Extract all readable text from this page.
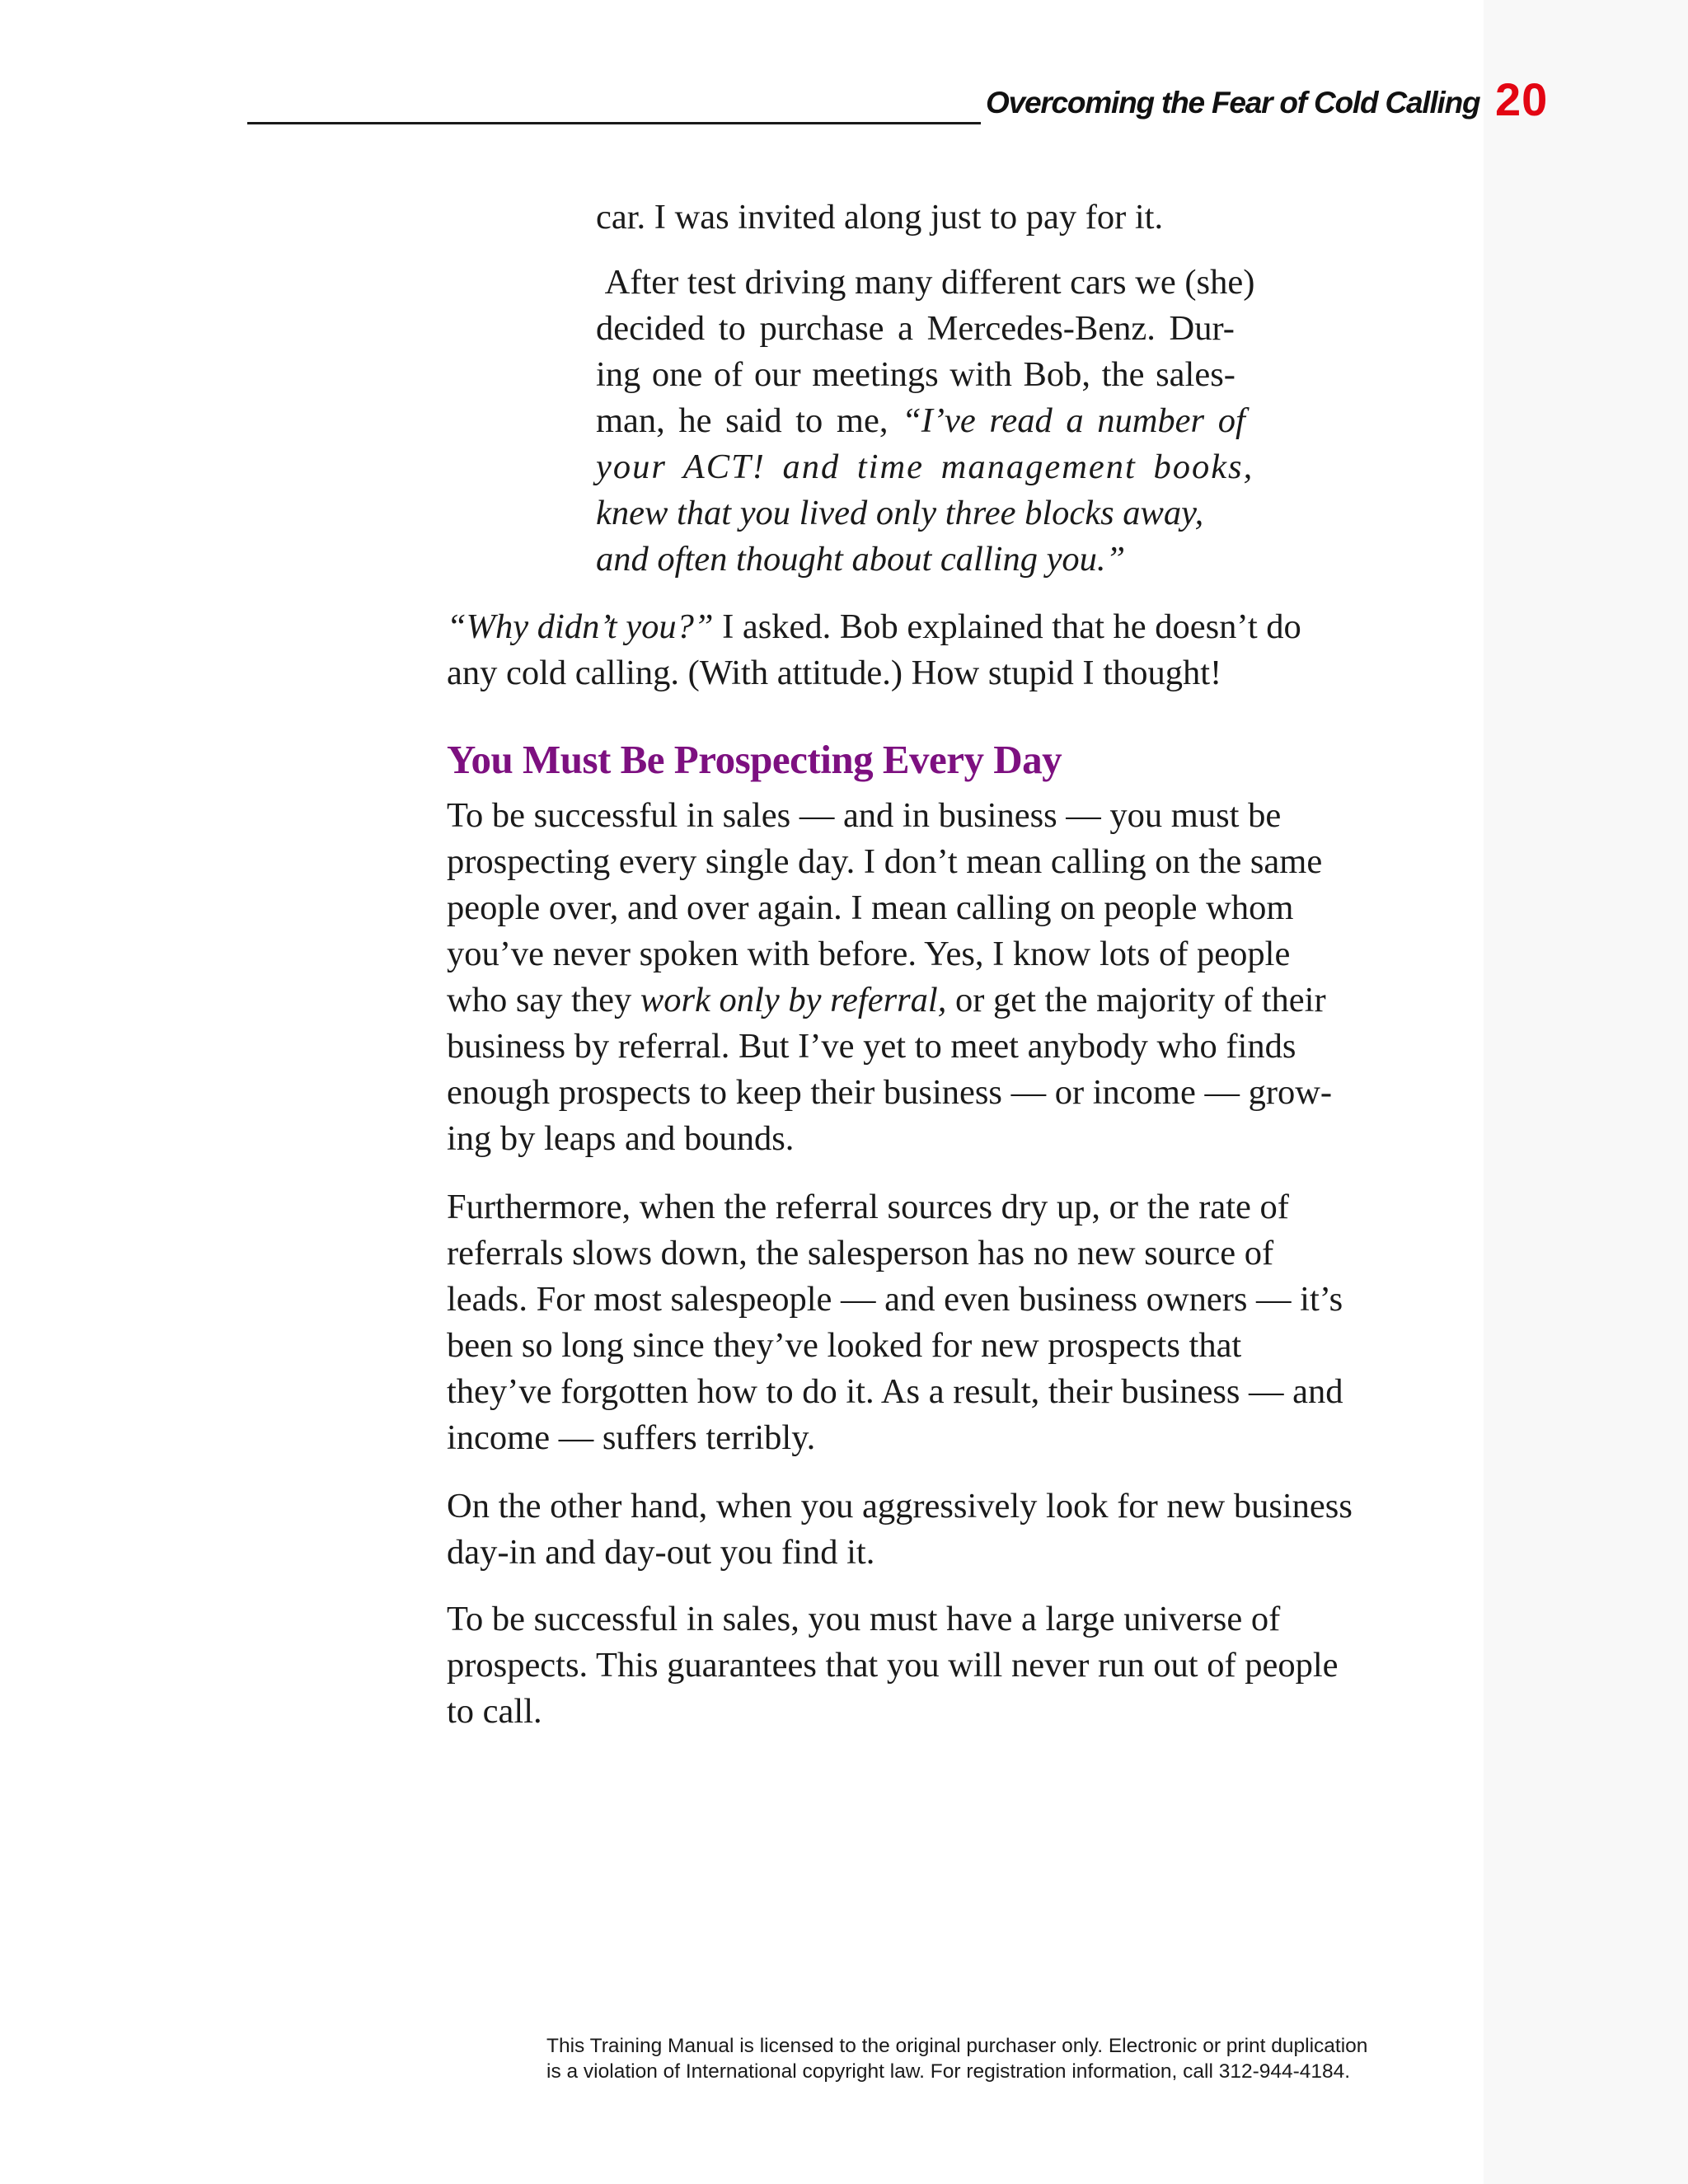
Overcoming the Fear of Cold Calling 20

car. I was invited along just to pay for it.

After test driving many different cars we (she)
decided to purchase a Mercedes-Benz. Dur-
ing one of our meetings with Bob, the sales-
man, he said to me, “I’ve read a number of
your ACT! and time management books,
knew that you lived only three blocks away,
and often thought about calling you.”

“Why didn’t you?” I asked. Bob explained that he doesn’t do
any cold calling. (With attitude.) How stupid I thought!

You Must Be Prospecting Every Day

To be successful in sales — and in business — you must be
prospecting every single day. I don’t mean calling on the same
people over, and over again. I mean calling on people whom
you’ve never spoken with before. Yes, I know lots of people
who say they work only by referral, or get the majority of their
business by referral. But I’ve yet to meet anybody who finds
enough prospects to keep their business — or income — grow-
ing by leaps and bounds.

Furthermore, when the referral sources dry up, or the rate of
referrals slows down, the salesperson has no new source of
leads. For most salespeople — and even business owners — it’s
been so long since they’ve looked for new prospects that
they’ve forgotten how to do it. As a result, their business — and
income — suffers terribly.

On the other hand, when you aggressively look for new business
day-in and day-out you find it.

To be successful in sales, you must have a large universe of
prospects. This guarantees that you will never run out of people
to call.

This Training Manual is licensed to the original purchaser only. Electronic or print duplication
is a violation of International copyright law. For registration information, call 312-944-4184.
